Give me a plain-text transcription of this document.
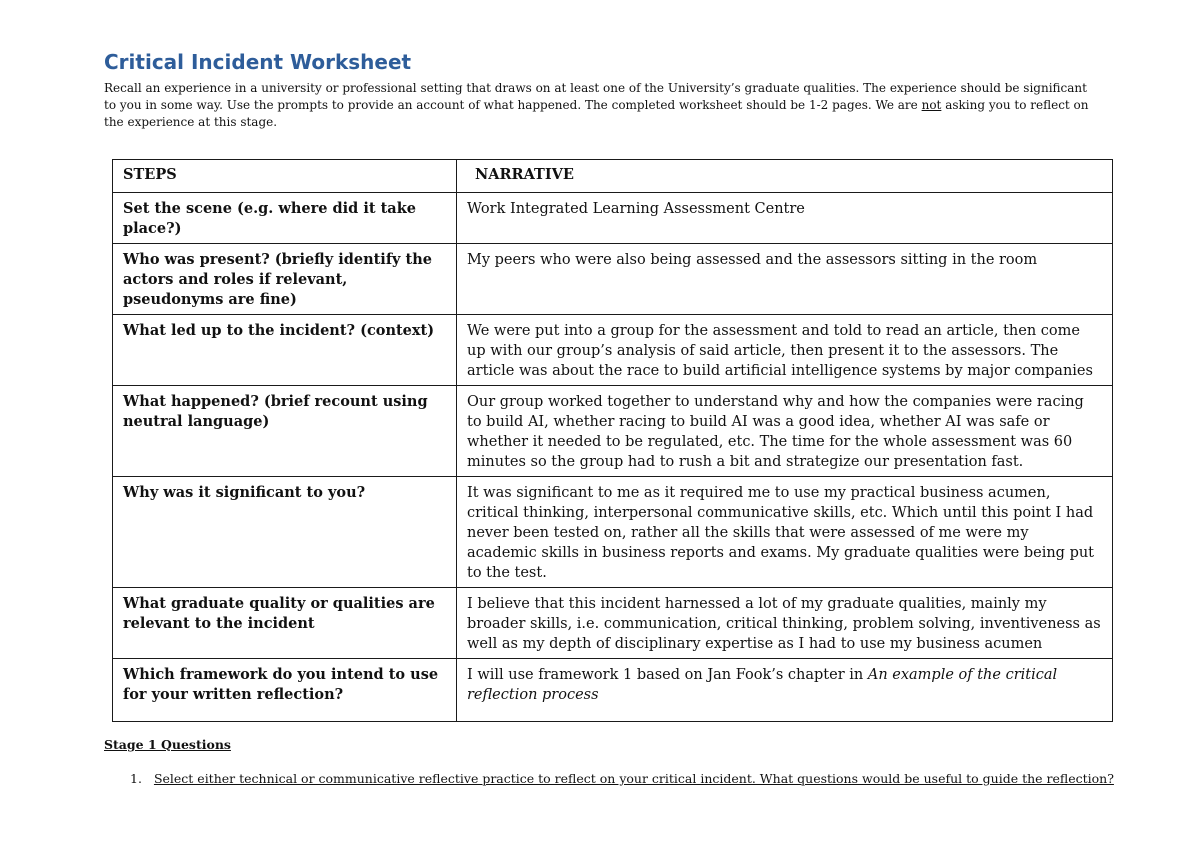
Critical Incident Worksheet

Recall an experience in a university or professional setting that draws on at least one of the University’s graduate qualities. The experience should be significant to you in some way. Use the prompts to provide an account of what happened. The completed worksheet should be 1-2 pages. We are not asking you to reflect on the experience at this stage.

STEPS	NARRATIVE
Set the scene (e.g. where did it take place?)	Work Integrated Learning Assessment Centre
Who was present? (briefly identify the actors and roles if relevant, pseudonyms are fine)	My peers who were also being assessed and the assessors sitting in the room
What led up to the incident? (context)	We were put into a group for the assessment and told to read an article, then come up with our group’s analysis of said article, then present it to the assessors. The article was about the race to build artificial intelligence systems by major companies
What happened? (brief recount using neutral language)	Our group worked together to understand why and how the companies were racing to build AI, whether racing to build AI was a good idea, whether AI was safe or whether it needed to be regulated, etc. The time for the whole assessment was 60 minutes so the group had to rush a bit and strategize our presentation fast.
Why was it significant to you?	It was significant to me as it required me to use my practical business acumen, critical thinking, interpersonal communicative skills, etc. Which until this point I had never been tested on, rather all the skills that were assessed of me were my academic skills in business reports and exams. My graduate qualities were being put to the test.
What graduate quality or qualities are relevant to the incident	I believe that this incident harnessed a lot of my graduate qualities, mainly my broader skills, i.e. communication, critical thinking, problem solving, inventiveness as well as my depth of disciplinary expertise as I had to use my business acumen
Which framework do you intend to use for your written reflection?	I will use framework 1 based on Jan Fook’s chapter in An example of the critical reflection process
Stage 1 Questions
1. Select either technical or communicative reflective practice to reflect on your critical incident. What questions would be useful to guide the reflection?
